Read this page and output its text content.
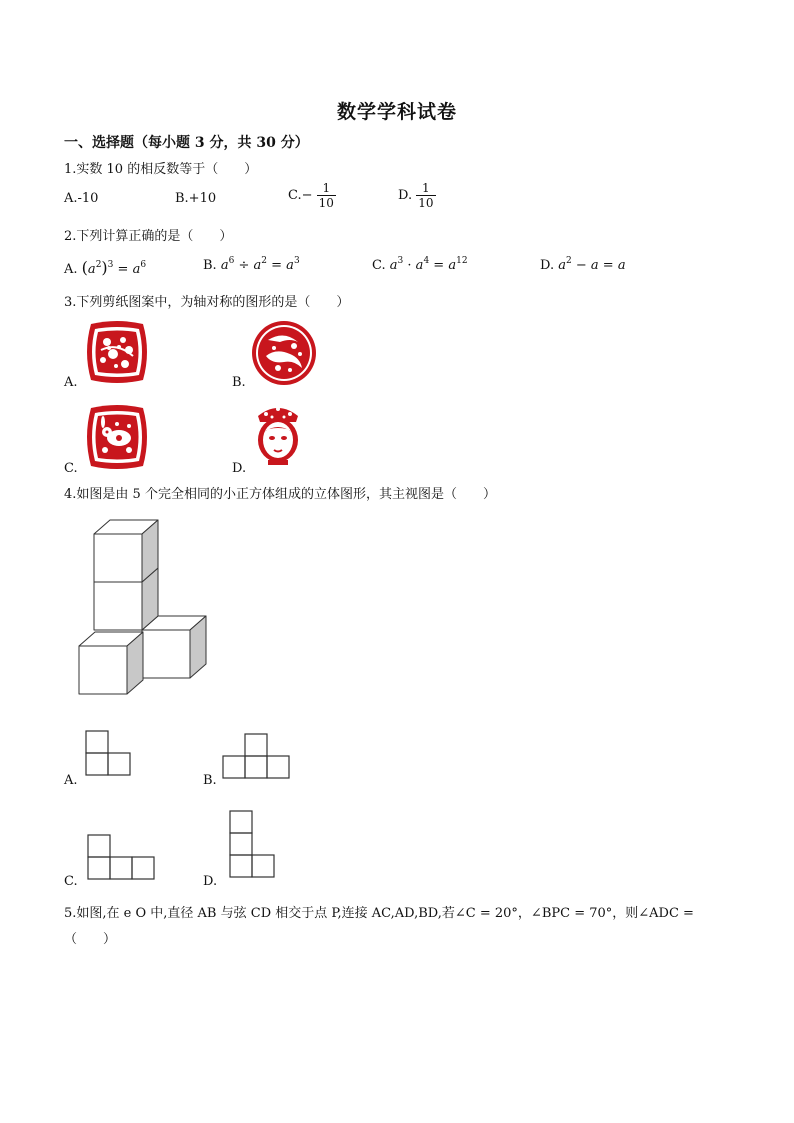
数学学科试卷
一、选择题（每小题 3 分，共 30 分）
1.实数 10 的相反数等于（　　）
A.-10	B.+10	$C.- \frac{1}{10}$	D. $\frac{1}{10}$
2.下列计算正确的是（　　）
A. $(a^2)^3 = a^6$	B. $a^6 \div a^2 = a^3$	C. $a^3 \cdot a^4 = a^{12}$	D. $a^2 - a = a$
3.下列剪纸图案中，为轴对称的图形的是（　　）
A.	B.
C.	D.
4.如图是由 5 个完全相同的小正方体组成的立体图形，其主视图是（　　）
A.	B.
C.	D.
5.如图,在 e O 中,直径 AB 与弦 CD 相交于点 P,连接 AC,AD,BD,若∠C = 20°，∠BPC = 70°，则∠ADC =
（　　）
